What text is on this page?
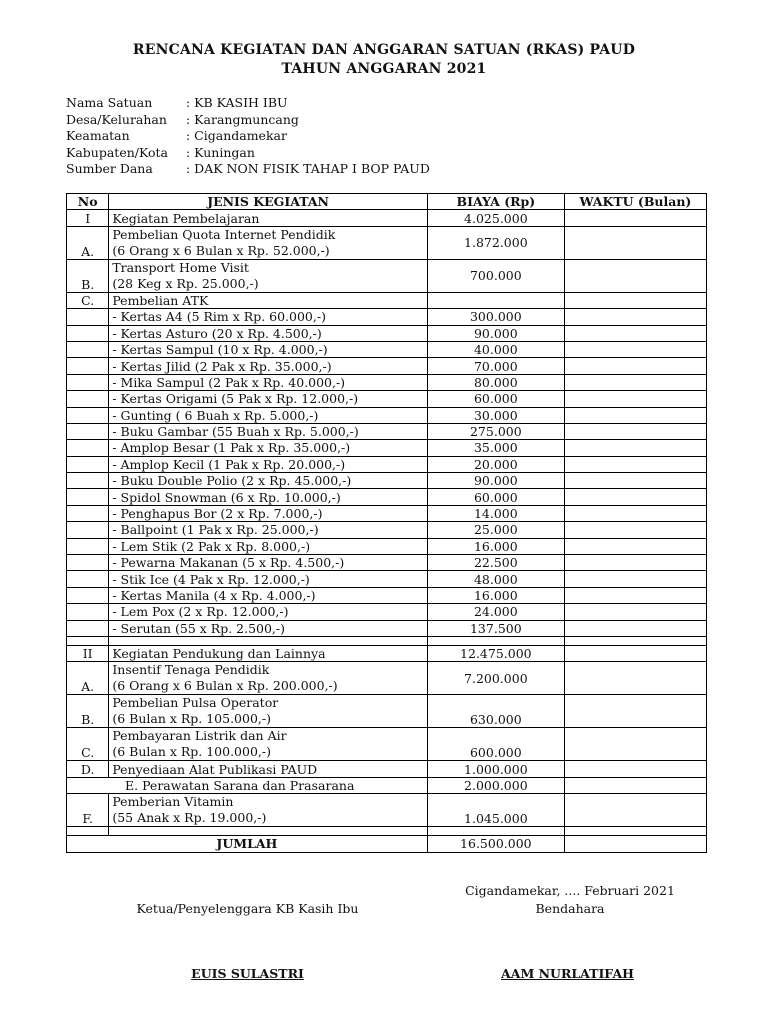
RENCANA KEGIATAN DAN ANGGARAN SATUAN (RKAS) PAUD
TAHUN ANGGARAN 2021
Nama Satuan	: KB KASIH IBU
Desa/Kelurahan : Karangmuncang
Keamatan	: Cigandamekar
Kabupaten/Kota : Kuningan
Sumber Dana	: DAK NON FISIK TAHAP I BOP PAUD
No	JENIS KEGIATAN	BIAYA (Rp)	WAKTU (Bulan)
I	Kegiatan Pembelajaran	4.025.000	
A.	Pembelian Quota Internet Pendidik
(6 Orang x 6 Bulan x Rp. 52.000,-)	1.872.000	
B.	Transport Home Visit
(28 Keg x Rp. 25.000,-)	700.000	
C.	Pembelian ATK		
	- Kertas A4 (5 Rim x Rp. 60.000,-)	300.000	
	- Kertas Asturo (20 x Rp. 4.500,-)	90.000	
	- Kertas Sampul (10 x Rp. 4.000,-)	40.000	
	- Kertas Jilid (2 Pak x Rp. 35.000,-)	70.000	
	- Mika Sampul (2 Pak x Rp. 40.000,-)	80.000	
	- Kertas Origami (5 Pak x Rp. 12.000,-)	60.000	
	- Gunting ( 6 Buah x Rp. 5.000,-)	30.000	
	- Buku Gambar (55 Buah x Rp. 5.000,-)	275.000	
	- Amplop Besar (1 Pak x Rp. 35.000,-)	35.000	
	- Amplop Kecil (1 Pak x Rp. 20.000,-)	20.000	
	- Buku Double Polio (2 x Rp. 45.000,-)	90.000	
	- Spidol Snowman (6 x Rp. 10.000,-)	60.000	
	- Penghapus Bor (2 x Rp. 7.000,-)	14.000	
	- Ballpoint (1 Pak x Rp. 25.000,-)	25.000	
	- Lem Stik (2 Pak x Rp. 8.000,-)	16.000	
	- Pewarna Makanan (5 x Rp. 4.500,-)	22.500	
	- Stik Ice (4 Pak x Rp. 12.000,-)	48.000	
	- Kertas Manila (4 x Rp. 4.000,-)	16.000	
	- Lem Pox (2 x Rp. 12.000,-)	24.000	
	- Serutan (55 x Rp. 2.500,-)	137.500	

II	Kegiatan Pendukung dan Lainnya	12.475.000	
A.	Insentif Tenaga Pendidik
(6 Orang x 6 Bulan x Rp. 200.000,-)	7.200.000	
B.	Pembelian Pulsa Operator
(6 Bulan x Rp. 105.000,-)	630.000	
C.	Pembayaran Listrik dan Air
(6 Bulan x Rp. 100.000,-)	600.000	
D.	Penyediaan Alat Publikasi PAUD	1.000.000	
E. Perawatan Sarana dan Prasarana		2.000.000	
F.	Pemberian Vitamin
(55 Anak x Rp. 19.000,-)	1.045.000	

JUMLAH		16.500.000	
Cigandamekar, .... Februari 2021
Ketua/Penyelenggara KB Kasih Ibu	Bendahara
EUIS SULASTRI	AAM NURLATIFAH
